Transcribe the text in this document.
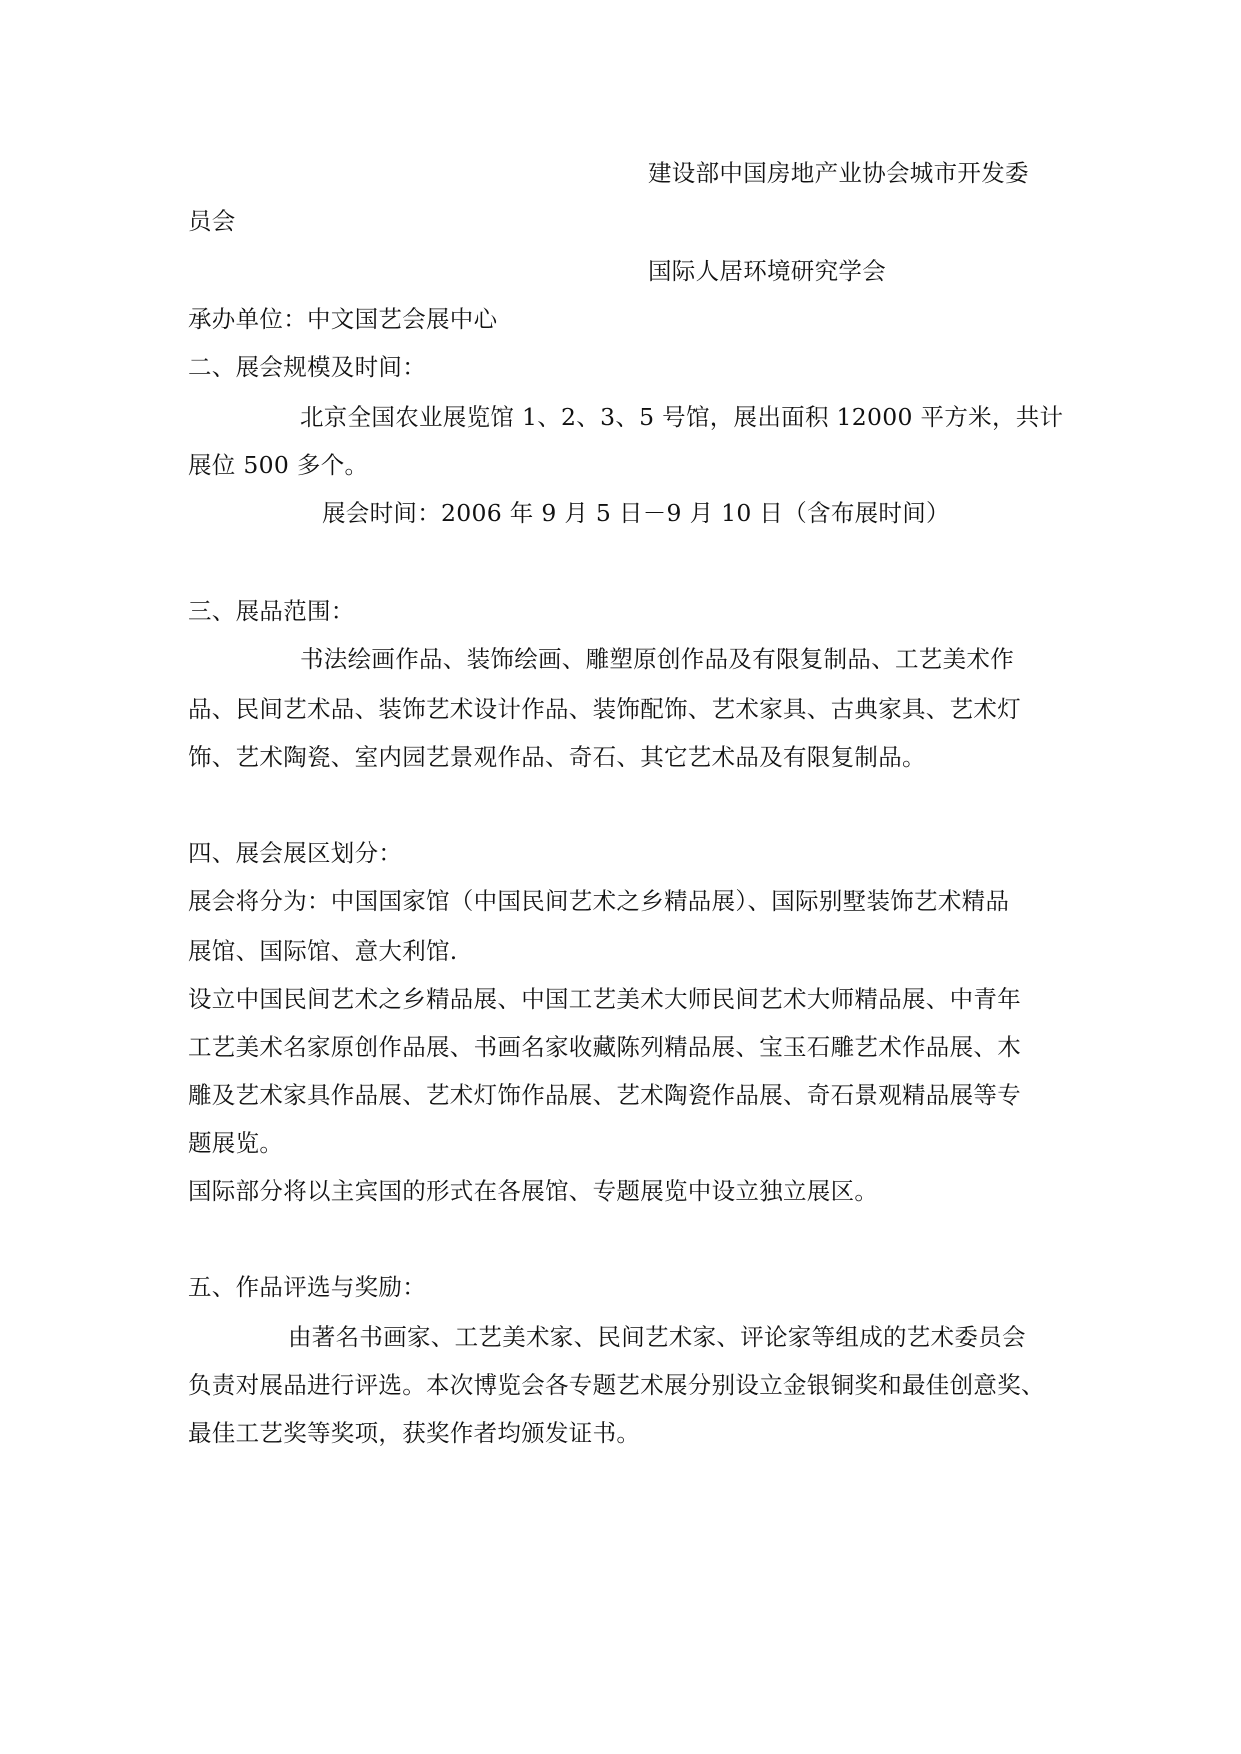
建设部中国房地产业协会城市开发委
员会
国际人居环境研究学会
承办单位：中文国艺会展中心
二、展会规模及时间：
北京全国农业展览馆 1、2、3、5 号馆，展出面积 12000 平方米，共计
展位 500 多个。
展会时间：2006 年 9 月 5 日－9 月 10 日（含布展时间）
三、展品范围：
书法绘画作品、装饰绘画、雕塑原创作品及有限复制品、工艺美术作
品、民间艺术品、装饰艺术设计作品、装饰配饰、艺术家具、古典家具、艺术灯
饰、艺术陶瓷、室内园艺景观作品、奇石、其它艺术品及有限复制品。
四、展会展区划分：
展会将分为：中国国家馆（中国民间艺术之乡精品展）、国际别墅装饰艺术精品
展馆、国际馆、意大利馆.
设立中国民间艺术之乡精品展、中国工艺美术大师民间艺术大师精品展、中青年
工艺美术名家原创作品展、书画名家收藏陈列精品展、宝玉石雕艺术作品展、木
雕及艺术家具作品展、艺术灯饰作品展、艺术陶瓷作品展、奇石景观精品展等专
题展览。
国际部分将以主宾国的形式在各展馆、专题展览中设立独立展区。
五、作品评选与奖励：
由著名书画家、工艺美术家、民间艺术家、评论家等组成的艺术委员会
负责对展品进行评选。本次博览会各专题艺术展分别设立金银铜奖和最佳创意奖、
最佳工艺奖等奖项，获奖作者均颁发证书。
